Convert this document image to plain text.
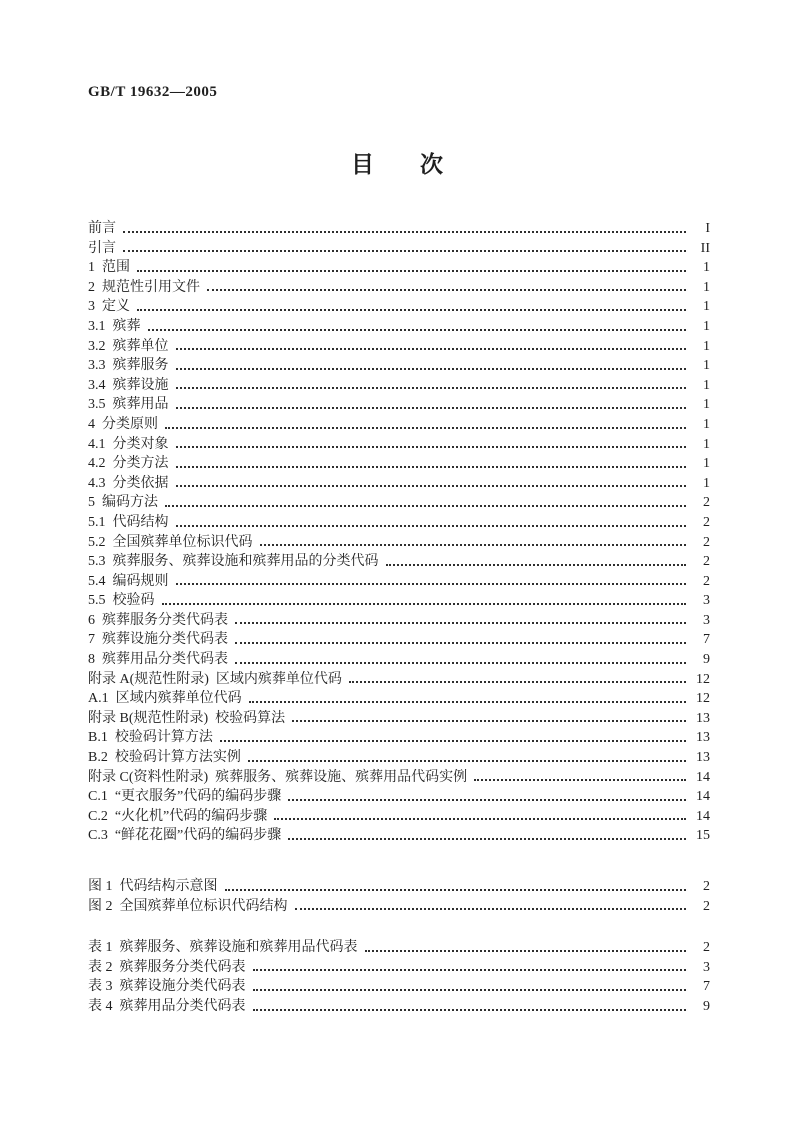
GB/T 19632—2005
目　　次
前言	I
引言	II
1  范围	1
2  规范性引用文件	1
3  定义	1
3.1  殡葬	1
3.2  殡葬单位	1
3.3  殡葬服务	1
3.4  殡葬设施	1
3.5  殡葬用品	1
4  分类原则	1
4.1  分类对象	1
4.2  分类方法	1
4.3  分类依据	1
5  编码方法	2
5.1  代码结构	2
5.2  全国殡葬单位标识代码	2
5.3  殡葬服务、殡葬设施和殡葬用品的分类代码	2
5.4  编码规则	2
5.5  校验码	3
6  殡葬服务分类代码表	3
7  殡葬设施分类代码表	7
8  殡葬用品分类代码表	9
附录 A(规范性附录)  区域内殡葬单位代码	12
A.1  区域内殡葬单位代码	12
附录 B(规范性附录)  校验码算法	13
B.1  校验码计算方法	13
B.2  校验码计算方法实例	13
附录 C(资料性附录)  殡葬服务、殡葬设施、殡葬用品代码实例	14
C.1  “更衣服务”代码的编码步骤	14
C.2  “火化机”代码的编码步骤	14
C.3  “鲜花花圈”代码的编码步骤	15
图 1  代码结构示意图	2
图 2  全国殡葬单位标识代码结构	2
表 1  殡葬服务、殡葬设施和殡葬用品代码表	2
表 2  殡葬服务分类代码表	3
表 3  殡葬设施分类代码表	7
表 4  殡葬用品分类代码表	9
